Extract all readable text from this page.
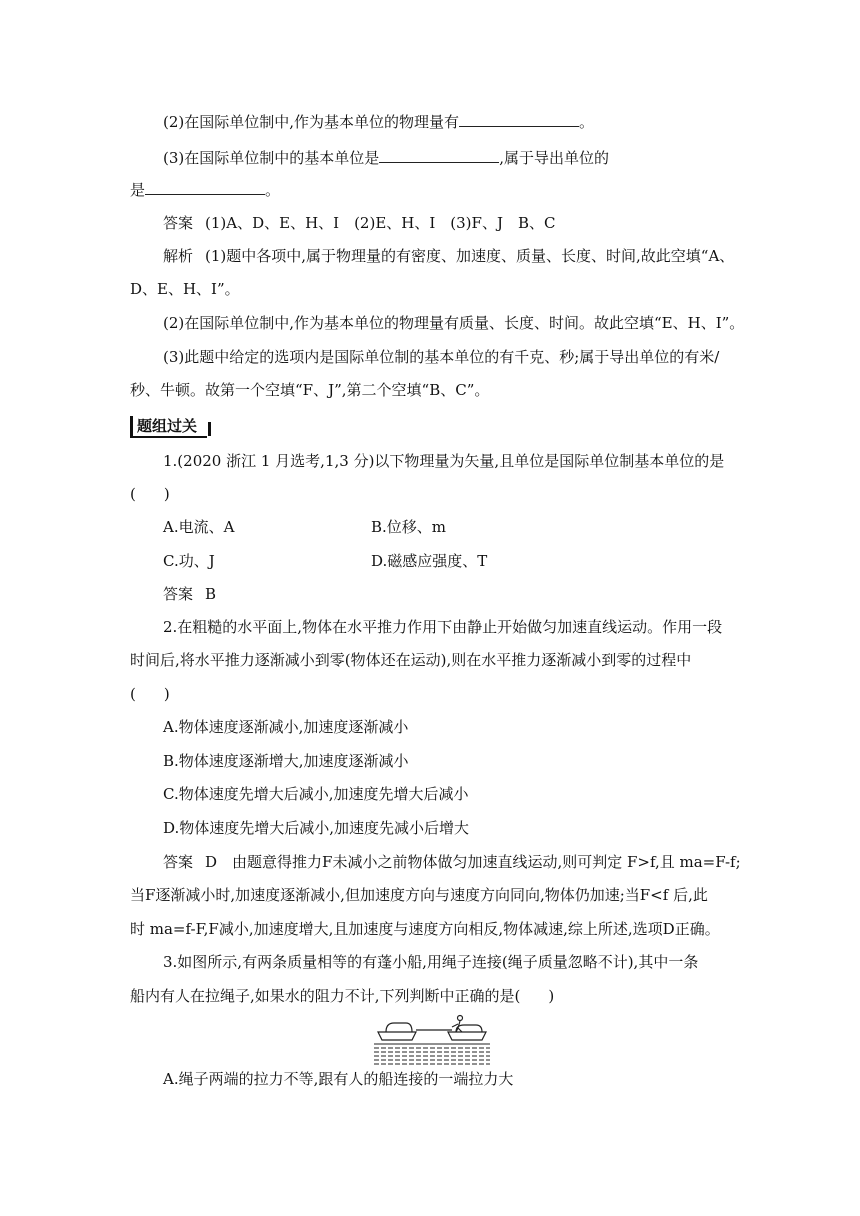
(2)在国际单位制中,作为基本单位的物理量有	。
(3)在国际单位制中的基本单位是	,属于导出单位的
是	。
答案 (1)A、D、E、H、I　(2)E、H、I　(3)F、J　B、C
解析 (1)题中各项中,属于物理量的有密度、加速度、质量、长度、时间,故此空填“A、
D、E、H、I”。
(2)在国际单位制中,作为基本单位的物理量有质量、长度、时间。故此空填“E、H、I”。
(3)此题中给定的选项内是国际单位制的基本单位的有千克、秒;属于导出单位的有米/
秒、牛顿。故第一个空填“F、J”,第二个空填“B、C”。
题组过关
1.(2020 浙江 1 月选考,1,3 分)以下物理量为矢量,且单位是国际单位制基本单位的是
( )
A.电流、A	B.位移、m
C.功、J	D.磁感应强度、T
答案 B
2.在粗糙的水平面上,物体在水平推力作用下由静止开始做匀加速直线运动。作用一段
时间后,将水平推力逐渐减小到零(物体还在运动),则在水平推力逐渐减小到零的过程中
( )
A.物体速度逐渐减小,加速度逐渐减小
B.物体速度逐渐增大,加速度逐渐减小
C.物体速度先增大后减小,加速度先增大后减小
D.物体速度先增大后减小,加速度先减小后增大
答案 D　由题意得推力F未减小之前物体做匀加速直线运动,则可判定 F>f,且 ma=F-f;
当F逐渐减小时,加速度逐渐减小,但加速度方向与速度方向同向,物体仍加速;当F<f 后,此
时 ma=f-F,F减小,加速度增大,且加速度与速度方向相反,物体减速,综上所述,选项D正确。
3.如图所示,有两条质量相等的有蓬小船,用绳子连接(绳子质量忽略不计),其中一条
船内有人在拉绳子,如果水的阻力不计,下列判断中正确的是( )
A.绳子两端的拉力不等,跟有人的船连接的一端拉力大
